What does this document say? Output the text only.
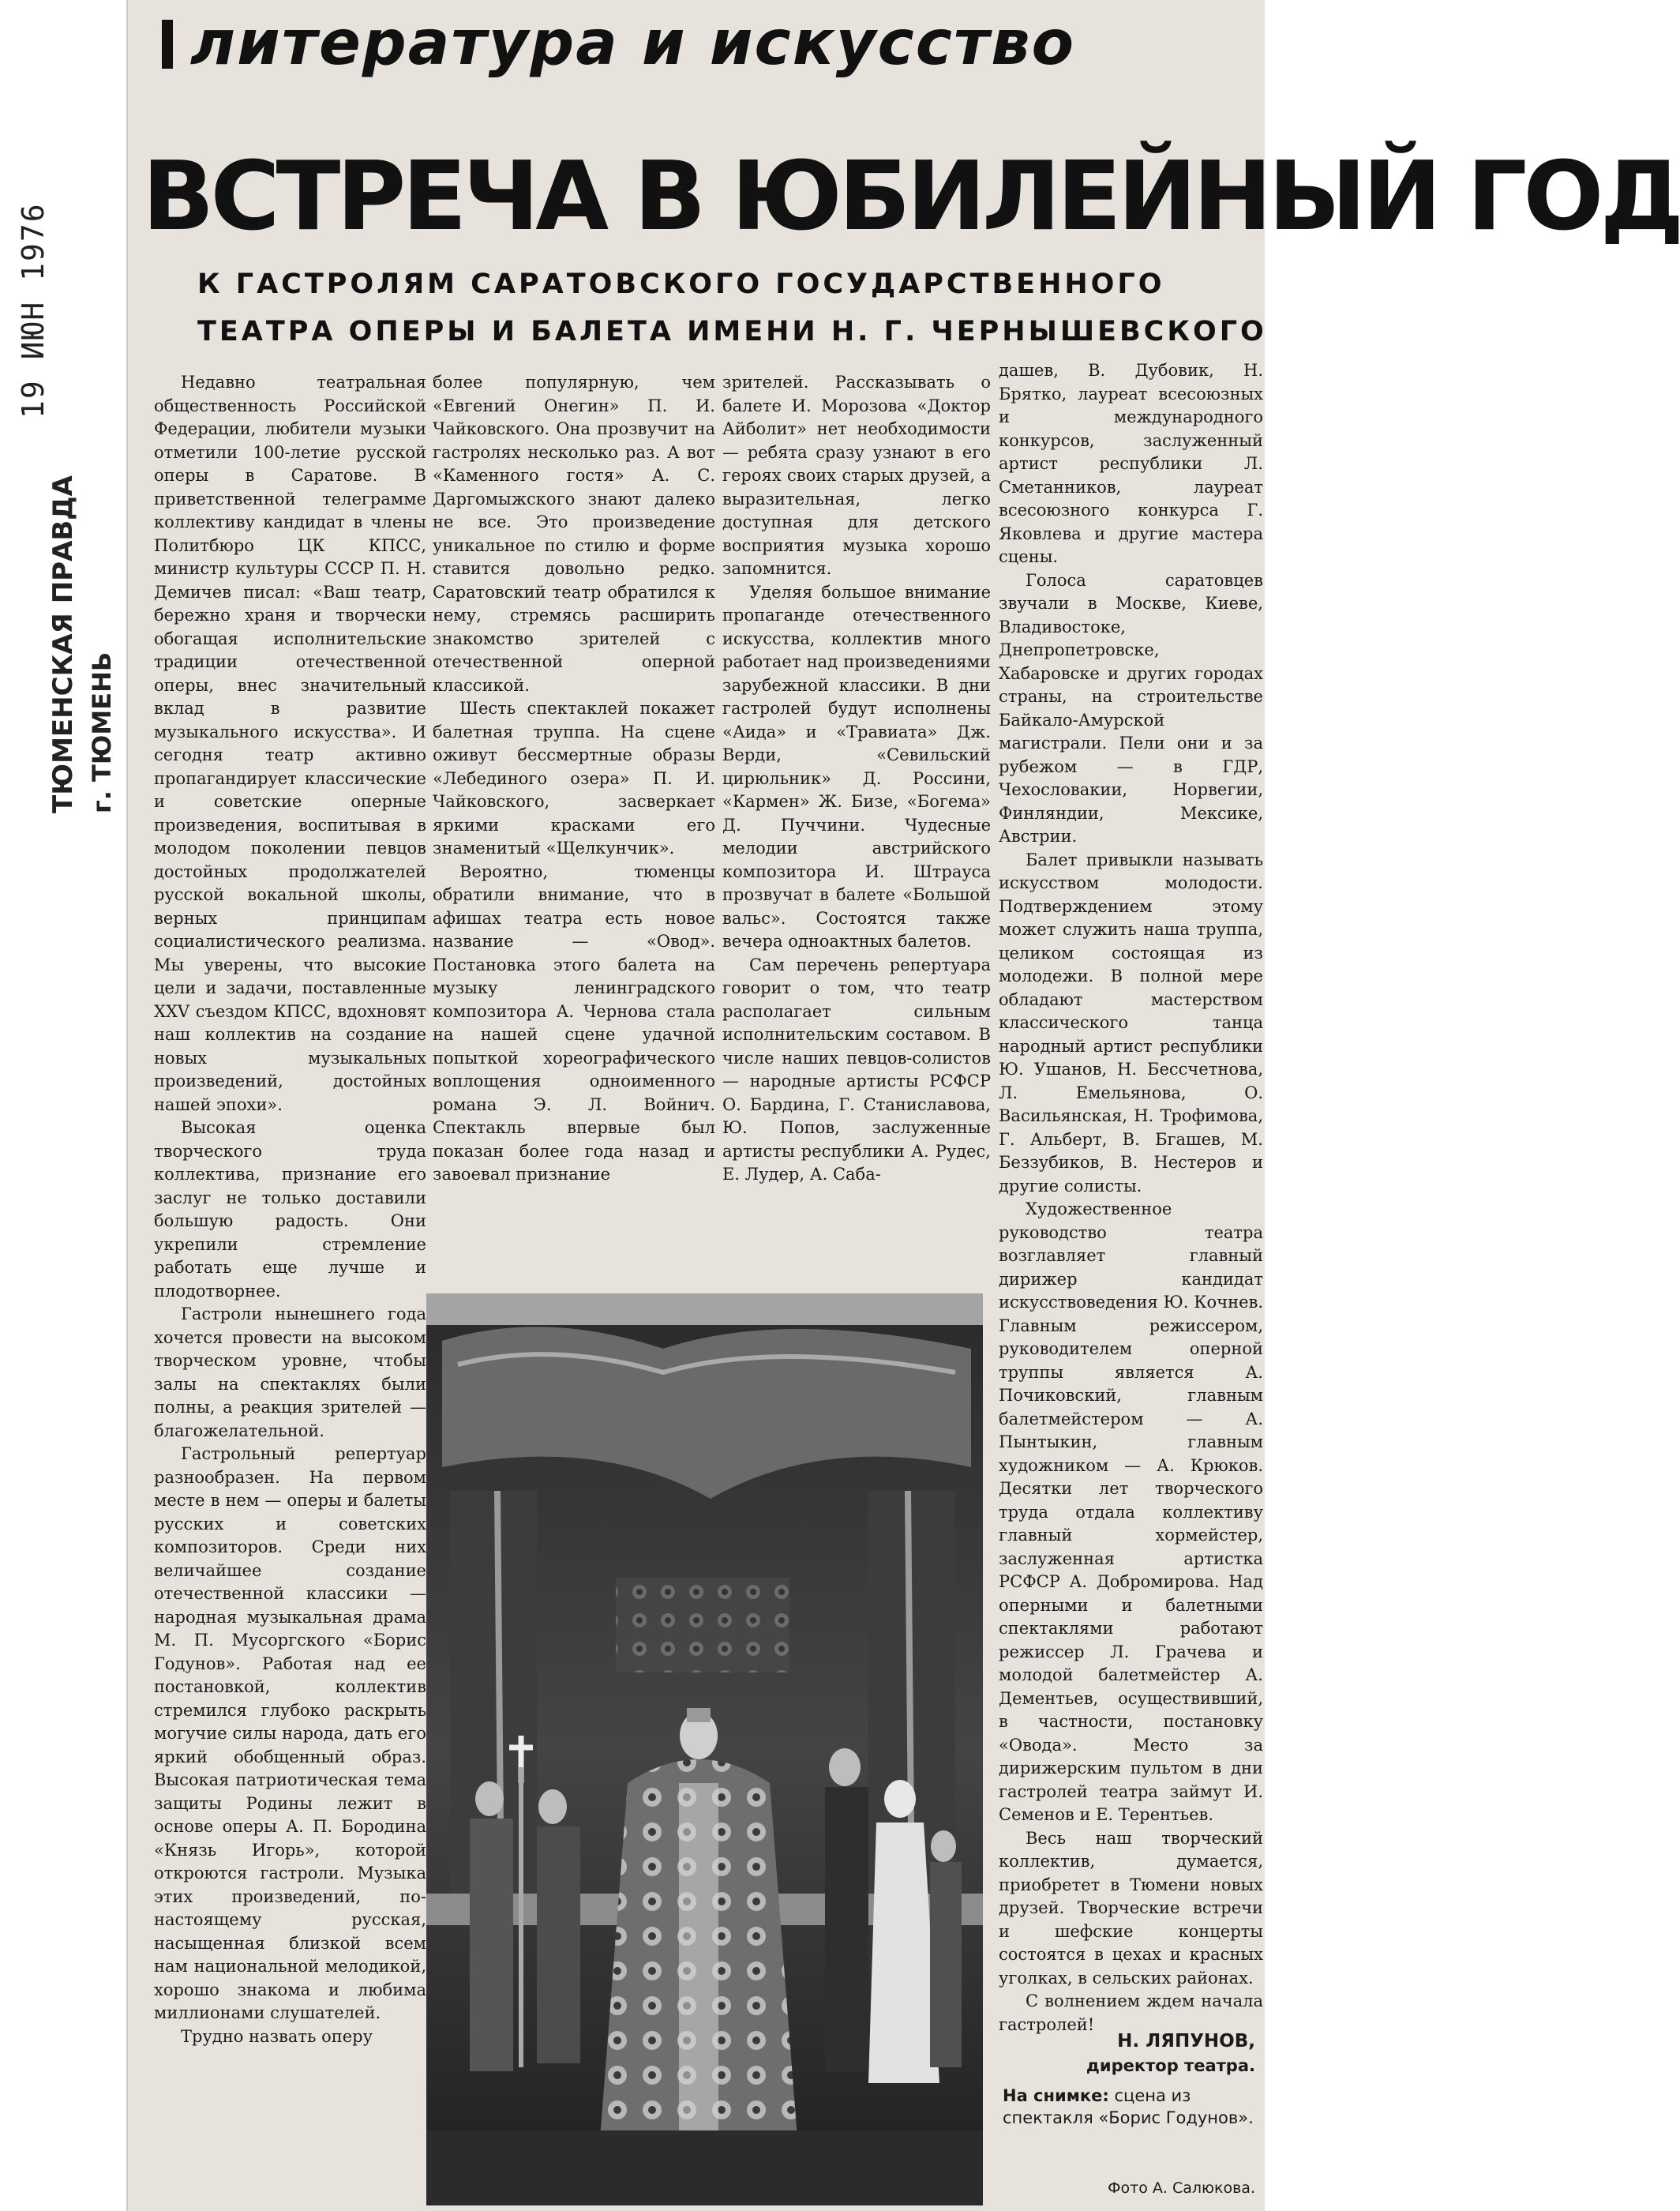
19 ИЮН 1976
ТЮМЕНСКАЯ ПРАВДА г. ТЮМЕНЬ
литература и искусство
ВСТРЕЧА В ЮБИЛЕЙНЫЙ ГОД
К ГАСТРОЛЯМ САРАТОВСКОГО ГОСУДАРСТВЕННОГО
ТЕАТРА ОПЕРЫ И БАЛЕТА ИМЕНИ Н. Г. ЧЕРНЫШЕВСКОГО

Недавно театральная общественность Российской Федерации, любители музыки отметили 100-летие русской оперы в Саратове. В приветственной телеграмме коллективу кандидат в члены Политбюро ЦК КПСС, министр культуры СССР П. Н. Демичев писал: «Ваш театр, бережно храня и творчески обогащая исполнительские традиции отечественной оперы, внес значительный вклад в развитие музыкального искусства». И сегодня театр активно пропагандирует классические и советские оперные произведения, воспитывая в молодом поколении певцов достойных продолжателей русской вокальной школы, верных принципам социалистического реализма. Мы уверены, что высокие цели и задачи, поставленные XXV съездом КПСС, вдохновят наш коллектив на создание новых музыкальных произведений, достойных нашей эпохи».

Высокая оценка творческого труда коллектива, признание его заслуг не только доставили большую радость. Они укрепили стремление работать еще лучше и плодотворнее.

Гастроли нынешнего года хочется провести на высоком творческом уровне, чтобы залы на спектаклях были полны, а реакция зрителей — благожелательной.

Гастрольный репертуар разнообразен. На первом месте в нем — оперы и балеты русских и советских композиторов. Среди них величайшее создание отечественной классики — народная музыкальная драма М. П. Мусоргского «Борис Годунов». Работая над ее постановкой, коллектив стремился глубоко раскрыть могучие силы народа, дать его яркий обобщенный образ. Высокая патриотическая тема защиты Родины лежит в основе оперы А. П. Бородина «Князь Игорь», которой откроются гастроли. Музыка этих произведений, по-настоящему русская, насыщенная близкой всем нам национальной мелодикой, хорошо знакома и любима миллионами слушателей.

Трудно назвать оперу

более популярную, чем «Евгений Онегин» П. И. Чайковского. Она прозвучит на гастролях несколько раз. А вот «Каменного гостя» А. С. Даргомыжского знают далеко не все. Это произведение уникальное по стилю и форме ставится довольно редко. Саратовский театр обратился к нему, стремясь расширить знакомство зрителей с отечественной оперной классикой.

Шесть спектаклей покажет балетная труппа. На сцене оживут бессмертные образы «Лебединого озера» П. И. Чайковского, засверкает яркими красками его знаменитый «Щелкунчик».

Вероятно, тюменцы обратили внимание, что в афишах театра есть новое название — «Овод». Постановка этого балета на музыку ленинградского композитора А. Чернова стала на нашей сцене удачной попыткой хореографического воплощения одноименного романа Э. Л. Войнич. Спектакль впервые был показан более года назад и завоевал признание

зрителей. Рассказывать о балете И. Морозова «Доктор Айболит» нет необходимости — ребята сразу узнают в его героях своих старых друзей, а выразительная, легко доступная для детского восприятия музыка хорошо запомнится.

Уделяя большое внимание пропаганде отечественного искусства, коллектив много работает над произведениями зарубежной классики. В дни гастролей будут исполнены «Аида» и «Травиата» Дж. Верди, «Севильский цирюльник» Д. Россини, «Кармен» Ж. Бизе, «Богема» Д. Пуччини. Чудесные мелодии австрийского композитора И. Штрауса прозвучат в балете «Большой вальс». Состоятся также вечера одноактных балетов.

Сам перечень репертуара говорит о том, что театр располагает сильным исполнительским составом. В числе наших певцов-солистов — народные артисты РСФСР О. Бардина, Г. Станиславова, Ю. Попов, заслуженные артисты республики А. Рудес, Е. Лудер, А. Саба-

дашев, В. Дубовик, Н. Брятко, лауреат всесоюзных и международного конкурсов, заслуженный артист республики Л. Сметанников, лауреат всесоюзного конкурса Г. Яковлева и другие мастера сцены.

Голоса саратовцев звучали в Москве, Киеве, Владивостоке, Днепропетровске, Хабаровске и других городах страны, на строительстве Байкало-Амурской магистрали. Пели они и за рубежом — в ГДР, Чехословакии, Норвегии, Финляндии, Мексике, Австрии.

Балет привыкли называть искусством молодости. Подтверждением этому может служить наша труппа, целиком состоящая из молодежи. В полной мере обладают мастерством классического танца народный артист республики Ю. Ушанов, Н. Бессчетнова, Л. Емельянова, О. Васильянская, Н. Трофимова, Г. Альберт, В. Бгашев, М. Беззубиков, В. Нестеров и другие солисты.

Художественное руководство театра возглавляет главный дирижер кандидат искусствоведения Ю. Кочнев. Главным режиссером, руководителем оперной труппы является А. Почиковский, главным балетмейстером — А. Пынтыкин, главным художником — А. Крюков. Десятки лет творческого труда отдала коллективу главный хормейстер, заслуженная артистка РСФСР А. Добромирова. Над оперными и балетными спектаклями работают режиссер Л. Грачева и молодой балетмейстер А. Дементьев, осуществивший, в частности, постановку «Овода». Место за дирижерским пультом в дни гастролей театра займут И. Семенов и Е. Терентьев.

Весь наш творческий коллектив, думается, приобретет в Тюмени новых друзей. Творческие встречи и шефские концерты состоятся в цехах и красных уголках, в сельских районах.

С волнением ждем начала гастролей!

Н. ЛЯПУНОВ,
директор театра.
На снимке: сцена из спектакля «Борис Годунов».
Фото А. Салюкова.
